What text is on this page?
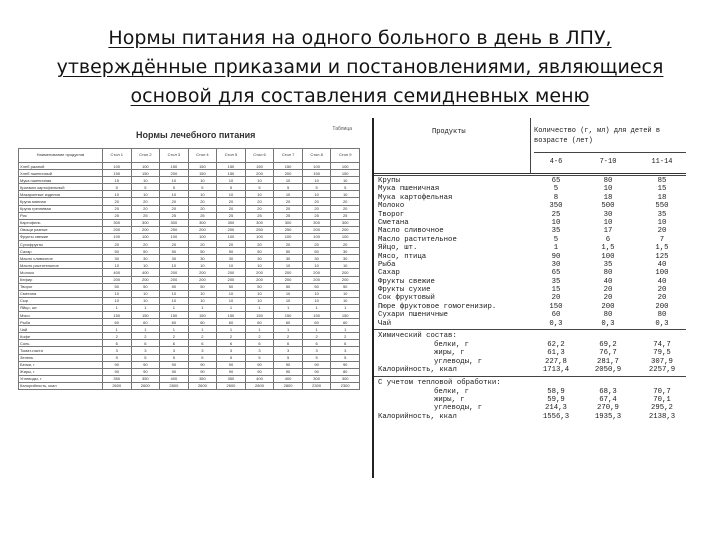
Нормы питания на одного больного в день в ЛПУ,
утверждённые приказами и постановлениями, являющиеся
основой для составления семидневных меню
Нормы лечебного питания
Таблица
Наименование продуктов	Стол 1	Стол 2	Стол 3	Стол 4	Стол 5	Стол 6	Стол 7	Стол 8	Стол 9
Хлеб ржаной	100	100	150	150	150	150	150	100	100
Хлеб пшеничный	150	150	200	150	150	200	200	150	150
Мука пшеничная	15	10	10	10	10	10	10	10	10
Крахмал картофельный	5	5	5	5	5	5	5	5	5
Макаронные изделия	10	10	10	10	10	10	10	10	10
Крупа манная	20	20	20	20	20	20	20	20	20
Крупа гречневая	20	20	20	20	20	20	20	20	20
Рис	25	25	25	25	25	25	25	25	25
Картофель	300	300	300	300	300	300	300	300	300
Овощи разные	200	200	250	200	200	250	250	200	200
Фрукты свежие	100	100	100	100	100	100	100	100	100
Сухофрукты	20	20	20	20	20	20	20	20	20
Сахар	50	50	50	50	50	50	50	50	30
Масло сливочное	30	30	30	30	30	30	30	30	30
Масло растительное	10	10	10	10	10	10	10	10	10
Молоко	400	400	200	200	200	200	200	200	200
Кефир	200	200	200	200	200	200	200	200	200
Творог	50	50	50	50	50	50	50	50	50
Сметана	10	10	10	10	10	10	10	10	10
Сыр	10	10	10	10	10	10	10	10	10
Яйцо, шт.	1	1	1	1	1	1	1	1	1
Мясо	150	150	150	150	150	150	150	150	150
Рыба	60	60	60	60	60	60	60	60	60
Чай	1	1	1	1	1	1	1	1	1
Кофе	2	2	2	2	2	2	2	2	2
Соль	6	6	6	6	6	6	6	6	6
Томат-паста	3	3	3	3	3	3	3	3	3
Зелень	5	5	5	5	5	5	5	5	5
Белки, г	90	90	90	90	90	90	90	90	90
Жиры, г	90	90	90	90	90	90	90	90	80
Углеводы, г	350	350	400	350	350	400	400	300	300
Калорийность, ккал	2600	2600	2800	2600	2600	2800	2800	2300	2300
Продукты	Количество (г, мл) для детей в возрасте (лет)
4-6	7-10	11-14
Крупы	65	80	85
Мука пшеничная	5	10	15
Мука картофельная	8	18	18
Молоко	350	500	550
Творог	25	30	35
Сметана	10	10	10
Масло сливочное	35	17	20
Масло растительное	5	6	7
Яйцо, шт.	1	1,5	1,5
Мясо, птица	90	100	125
Рыба	30	35	40
Сахар	65	80	100
Фрукты свежие	35	40	40
Фрукты сухие	15	20	20
Сок фруктовый	20	20	20
Пюре фруктовое гомогенизир.	150	200	200
Сухари пшеничные	60	80	80
Чай	0,3	0,3	0,3
Химический состав:
белки, г	62,2	69,2	74,7
жиры, г	61,3	76,7	79,5
углеводы, г	227,8	281,7	307,9
Калорийность, ккал	1713,4	2050,9	2257,9
С учетом тепловой обработки:
белки, г	58,9	68,3	70,7
жиры, г	59,9	67,4	70,1
углеводы, г	214,3	270,9	295,2
Калорийность, ккал	1556,3	1935,3	2138,3
